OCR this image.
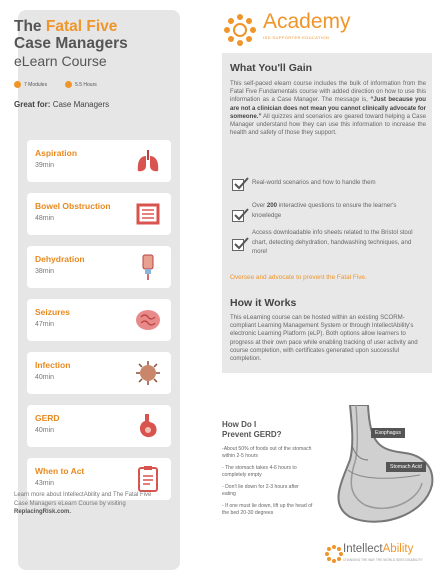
The Fatal Five
Case Managers
eLearn Course
7 Modules	5.5 Hours
Great for: Case Managers
Aspiration
39min
Bowel Obstruction
48min
Dehydration
38min
Seizures
47min
Infection
40min
GERD
40min
When to Act
43min
Learn more about IntellectAbility and The Fatal Five Case Managers eLearn Course by visiting ReplacingRisk.com.
Academy
ISD SUPPORTER EDUCATION
What You'll Gain
This self-paced elearn course includes the bulk of information from the Fatal Five Fundamentals course with added direction on how to use this information as a Case Manager. The message is, “Just because you are not a clinician does not mean you cannot clinically advocate for someone.” All quizzes and scenarios are geared toward helping a Case Manager understand how they can use this information to increase the health and safety of those they support.
Real-world scenarios and how to handle them
Over 200 interactive questions to ensure the learner's knowledge
Access downloadable info sheets related to the Bristol stool chart, detecting dehydration, handwashing techniques, and more!
Oversee and advocate to prevent the Fatal Five.
How it Works
This eLearning course can be hosted within an existing SCORM-compliant Learning Management System or through IntellectAbility's electronic Learning Platform (eLP). Both options allow learners to progress at their own pace while enabling tracking of user activity and course completion, with certificates generated upon successful completion.
How Do I
Prevent GERD?
-About 50% of foods out of the stomach within 2-5 hours
- The stomach takes 4-6 hours to completely empty
- Don't lie down for 2-3 hours after eating
- If one must lie down, lift up the head of the bed 20-30 degrees
Esophagus
Stomach Acid
IntellectAbility
CHANGING THE WAY THE WORLD SEES DISABILITY
